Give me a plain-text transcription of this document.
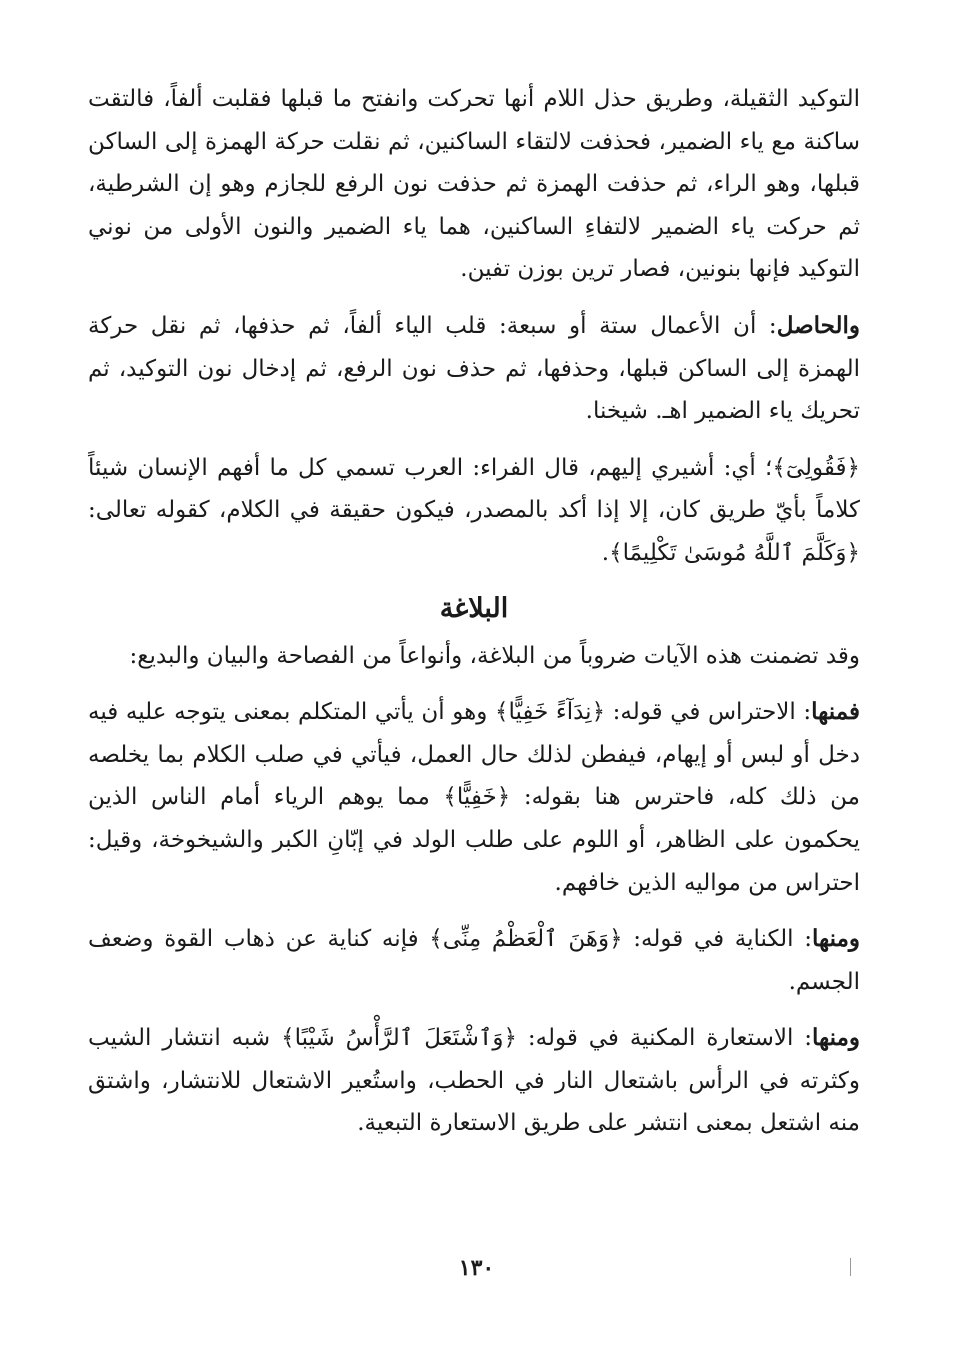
التوكيد الثقيلة، وطريق حذل اللام أنها تحركت وانفتح ما قبلها فقلبت ألفاً، فالتقت ساكنة مع ياء الضمير، فحذفت لالتقاء الساكنين، ثم نقلت حركة الهمزة إلى الساكن قبلها، وهو الراء، ثم حذفت الهمزة ثم حذفت نون الرفع للجازم وهو إن الشرطية، ثم حركت ياء الضمير لالتفاءِ الساكنين، هما ياء الضمير والنون الأولى من نوني التوكيد فإنها بنونين، فصار ترين بوزن تفين.

والحاصل: أن الأعمال ستة أو سبعة: قلب الياء ألفاً، ثم حذفها، ثم نقل حركة الهمزة إلى الساكن قبلها، وحذفها، ثم حذف نون الرفع، ثم إدخال نون التوكيد، ثم تحريك ياء الضمير اهـ. شيخنا.

﴿فَقُولِىٓ﴾؛ أي: أشيري إليهم، قال الفراء: العرب تسمي كل ما أفهم الإنسان شيئاً كلاماً بأيّ طريق كان، إلا إذا أكد بالمصدر، فيكون حقيقة في الكلام، كقوله تعالى: ﴿وَكَلَّمَ ٱللَّهُ مُوسَىٰ تَكْلِيمًا﴾.

البلاغة

وقد تضمنت هذه الآيات ضروباً من البلاغة، وأنواعاً من الفصاحة والبيان والبديع:

فمنها: الاحتراس في قوله: ﴿نِدَآءً خَفِيًّا﴾ وهو أن يأتي المتكلم بمعنى يتوجه عليه فيه دخل أو لبس أو إيهام، فيفطن لذلك حال العمل، فيأتي في صلب الكلام بما يخلصه من ذلك كله، فاحترس هنا بقوله: ﴿خَفِيًّا﴾ مما يوهم الرياء أمام الناس الذين يحكمون على الظاهر، أو اللوم على طلب الولد في إبّانِ الكبر والشيخوخة، وقيل: احتراس من مواليه الذين خافهم.

ومنها: الكناية في قوله: ﴿وَهَنَ ٱلْعَظْمُ مِنِّى﴾ فإنه كناية عن ذهاب القوة وضعف الجسم.

ومنها: الاستعارة المكنية في قوله: ﴿وَٱشْتَعَلَ ٱلرَّأْسُ شَيْبًا﴾ شبه انتشار الشيب وكثرته في الرأس باشتعال النار في الحطب، واستُعير الاشتعال للانتشار، واشتق منه اشتعل بمعنى انتشر على طريق الاستعارة التبعية.

١٣٠
